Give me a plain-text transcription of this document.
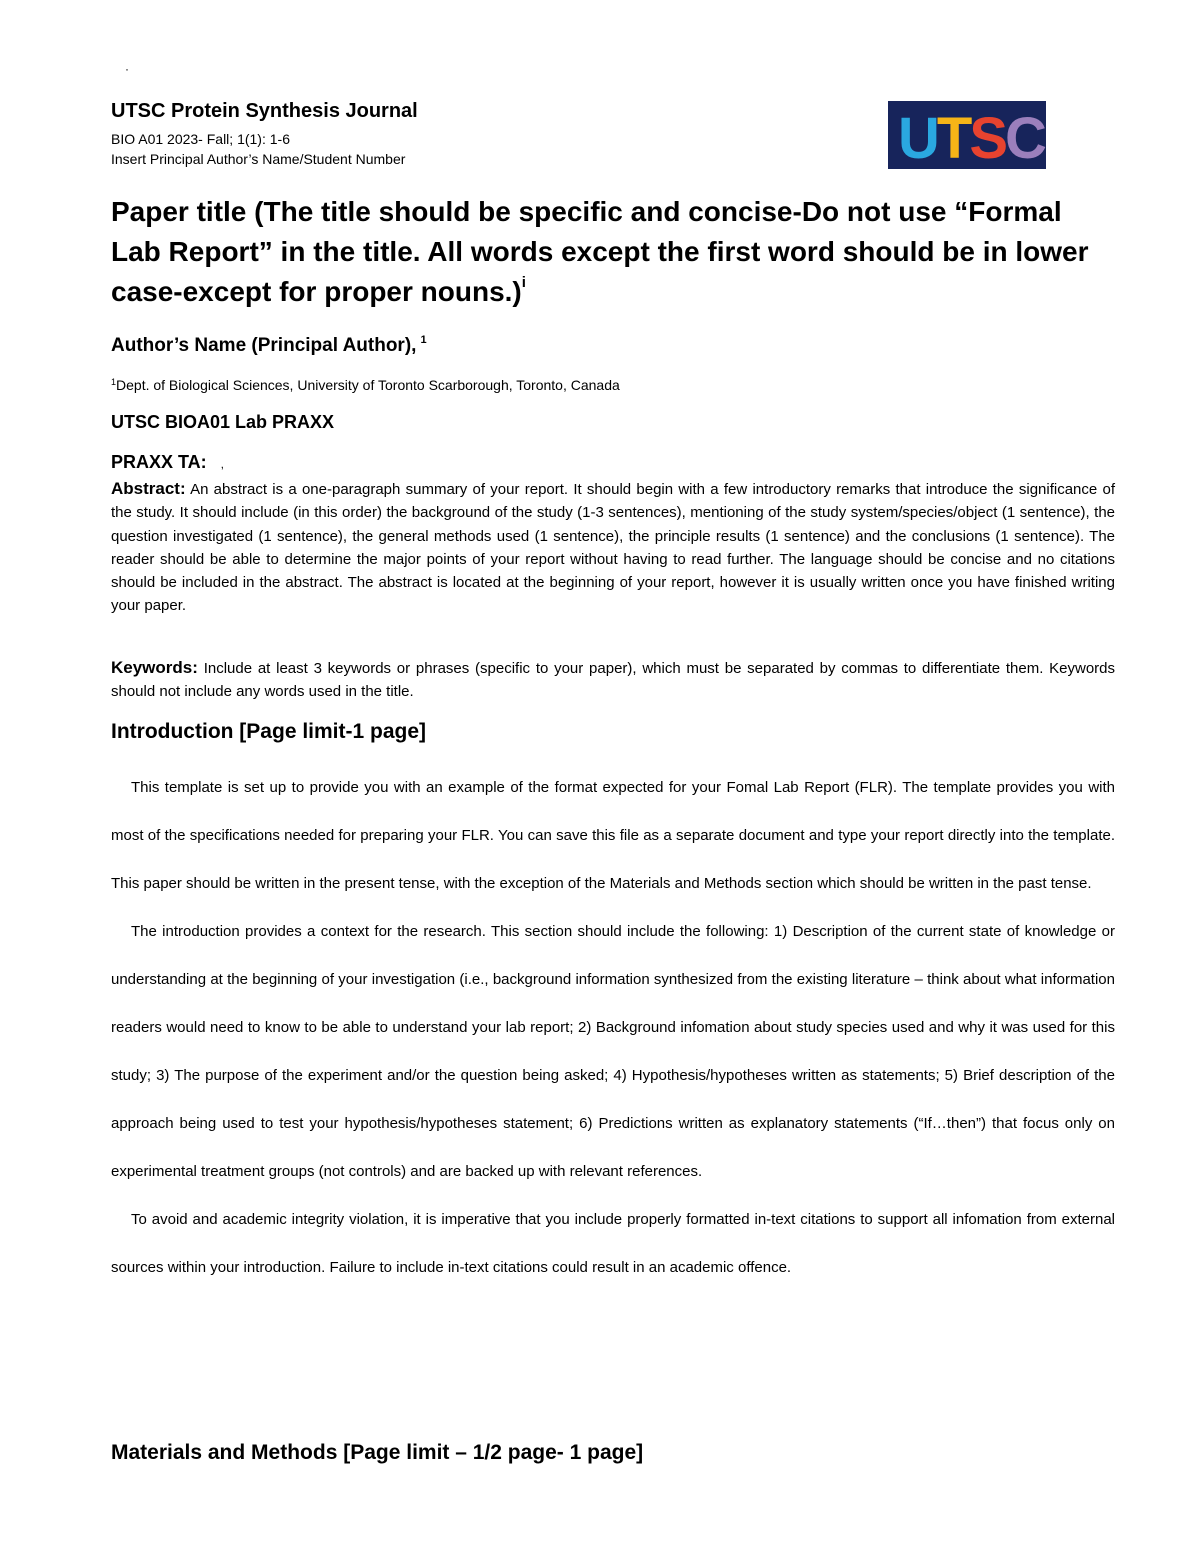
·
UTSC Protein Synthesis Journal
BIO A01 2023- Fall; 1(1): 1-6
Insert Principal Author’s Name/Student Number	UTSC
Paper title (The title should be specific and concise-Do not use “Formal Lab Report” in the title. All words except the first word should be in lower case-except for proper nouns.)$^i$
Author’s Name (Principal Author), $^1$
$^1$Dept. of Biological Sciences, University of Toronto Scarborough, Toronto, Canada
UTSC BIOA01 Lab PRAXX
PRAXX TA: ,

Abstract: An abstract is a one-paragraph summary of your report. It should begin with a few introductory remarks that introduce the significance of the study. It should include (in this order) the background of the study (1-3 sentences), mentioning of the study system/species/object (1 sentence), the question investigated (1 sentence), the general methods used (1 sentence), the principle results (1 sentence) and the conclusions (1 sentence). The reader should be able to determine the major points of your report without having to read further. The language should be concise and no citations should be included in the abstract. The abstract is located at the beginning of your report, however it is usually written once you have finished writing your paper.

Keywords: Include at least 3 keywords or phrases (specific to your paper), which must be separated by commas to differentiate them. Keywords should not include any words used in the title.

Introduction [Page limit-1 page]

This template is set up to provide you with an example of the format expected for your Fomal Lab Report (FLR). The template provides you with most of the specifications needed for preparing your FLR. You can save this file as a separate document and type your report directly into the template. This paper should be written in the present tense, with the exception of the Materials and Methods section which should be written in the past tense.

The introduction provides a context for the research. This section should include the following: 1) Description of the current state of knowledge or understanding at the beginning of your investigation (i.e., background information synthesized from the existing literature – think about what information readers would need to know to be able to understand your lab report; 2) Background infomation about study species used and why it was used for this study; 3) The purpose of the experiment and/or the question being asked; 4) Hypothesis/hypotheses written as statements; 5) Brief description of the approach being used to test your hypothesis/hypotheses statement; 6) Predictions written as explanatory statements (“If…then”) that focus only on experimental treatment groups (not controls) and are backed up with relevant references.

To avoid and academic integrity violation, it is imperative that you include properly formatted in-text citations to support all infomation from external sources within your introduction. Failure to include in-text citations could result in an academic offence.

Materials and Methods [Page limit – 1/2 page- 1 page]
